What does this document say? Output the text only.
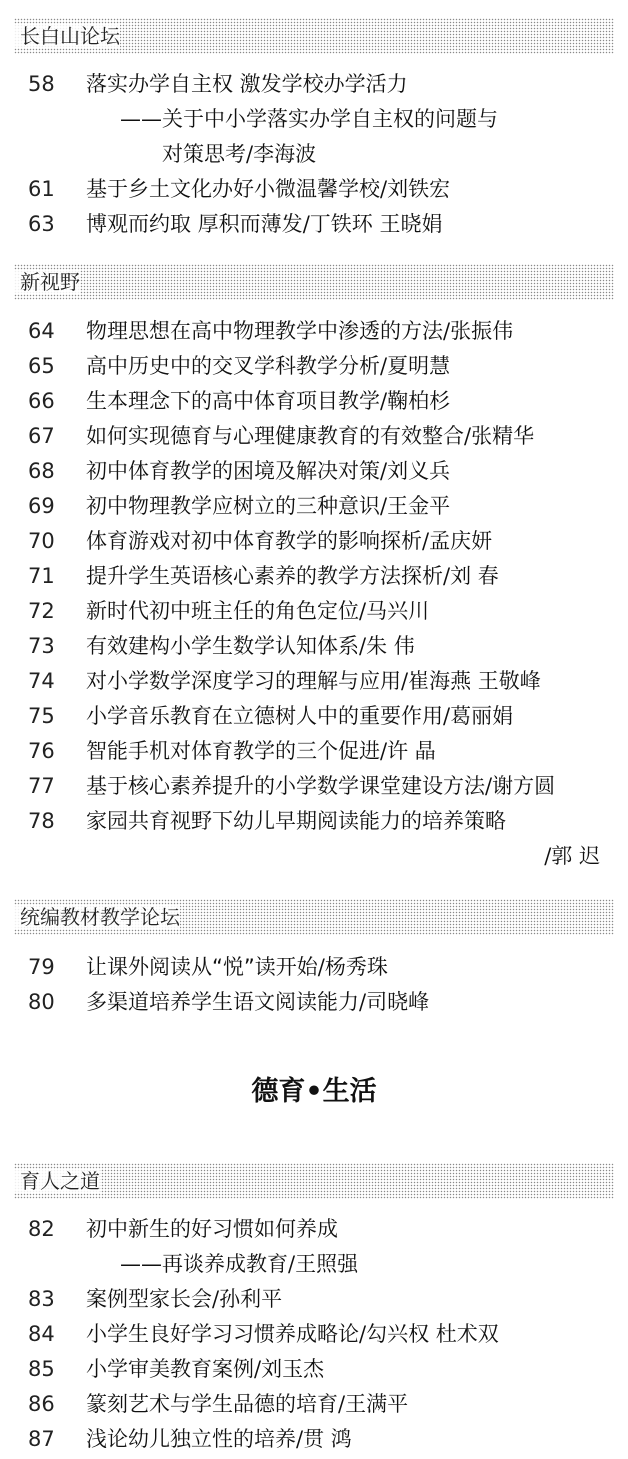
长白山论坛
58 落实办学自主权 激发学校办学活力
——关于中小学落实办学自主权的问题与
对策思考/李海波
61 基于乡土文化办好小微温馨学校/刘铁宏
63 博观而约取 厚积而薄发/丁铁环 王晓娟
新视野
64 物理思想在高中物理教学中渗透的方法/张振伟
65 高中历史中的交叉学科教学分析/夏明慧
66 生本理念下的高中体育项目教学/鞠柏杉
67 如何实现德育与心理健康教育的有效整合/张精华
68 初中体育教学的困境及解决对策/刘义兵
69 初中物理教学应树立的三种意识/王金平
70 体育游戏对初中体育教学的影响探析/孟庆妍
71 提升学生英语核心素养的教学方法探析/刘 春
72 新时代初中班主任的角色定位/马兴川
73 有效建构小学生数学认知体系/朱 伟
74 对小学数学深度学习的理解与应用/崔海燕 王敬峰
75 小学音乐教育在立德树人中的重要作用/葛丽娟
76 智能手机对体育教学的三个促进/许 晶
77 基于核心素养提升的小学数学课堂建设方法/谢方圆
78 家园共育视野下幼儿早期阅读能力的培养策略
/郭 迟
统编教材教学论坛
79 让课外阅读从“悦”读开始/杨秀珠
80 多渠道培养学生语文阅读能力/司晓峰
德育•生活
育人之道
82 初中新生的好习惯如何养成
——再谈养成教育/王照强
83 案例型家长会/孙利平
84 小学生良好学习习惯养成略论/勾兴权 杜术双
85 小学审美教育案例/刘玉杰
86 篆刻艺术与学生品德的培育/王满平
87 浅论幼儿独立性的培养/贯 鸿
